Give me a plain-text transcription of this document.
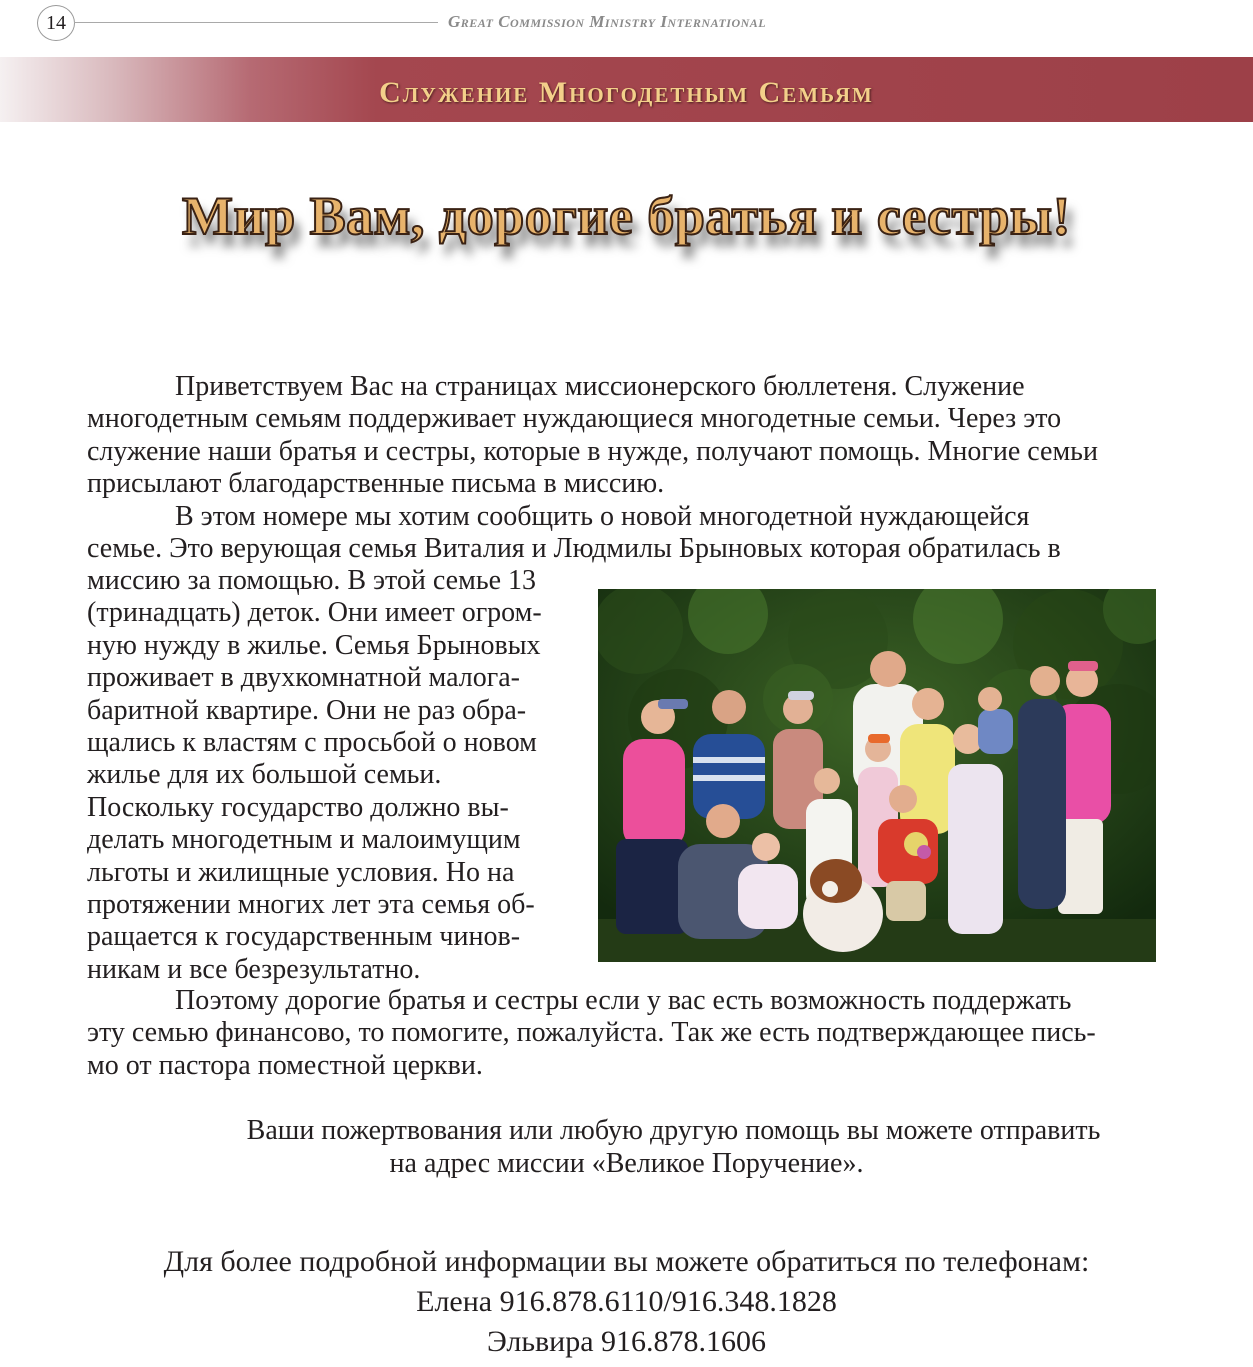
14	Great Commission Ministry International
Служение Многодетным Семьям
Мир Вам, дорогие братья и сестры!

Приветствуем Вас на страницах миссионерского бюллетеня. Служение
многодетным семьям поддерживает нуждающиеся многодетные семьи. Через это
служение наши братья и сестры, которые в нужде, получают помощь. Многие семьи
присылают благодарственные письма в миссию.

В этом номере мы хотим сообщить о новой многодетной нуждающейся
семье. Это верующая семья Виталия и Людмилы Брыновых которая обратилась в

миссию за помощью. В этой семье 13
(тринадцать) деток. Они имеет огром-
ную нужду в жилье. Семья Брыновых
проживает в двухкомнатной малога-
баритной квартире. Они не раз обра-
щались к властям с просьбой о новом
жилье для их большой семьи.
Поскольку государство должно вы-
делать многодетным и малоимущим
льготы и жилищные условия. Но на
протяжении многих лет эта семья об-
ращается к государственным чинов-
никам и все безрезультатно.

Поэтому дорогие братья и сестры если у вас есть возможность поддержать
эту семью финансово, то помогите, пожалуйста. Так же есть подтверждающее пись-
мо от пастора поместной церкви.

Ваши пожертвования или любую другую помощь вы можете отправить
на адрес миссии «Великое Поручение».

Для более подробной информации вы можете обратиться по телефонам:
Елена 916.878.6110/916.348.1828
Эльвира 916.878.1606
